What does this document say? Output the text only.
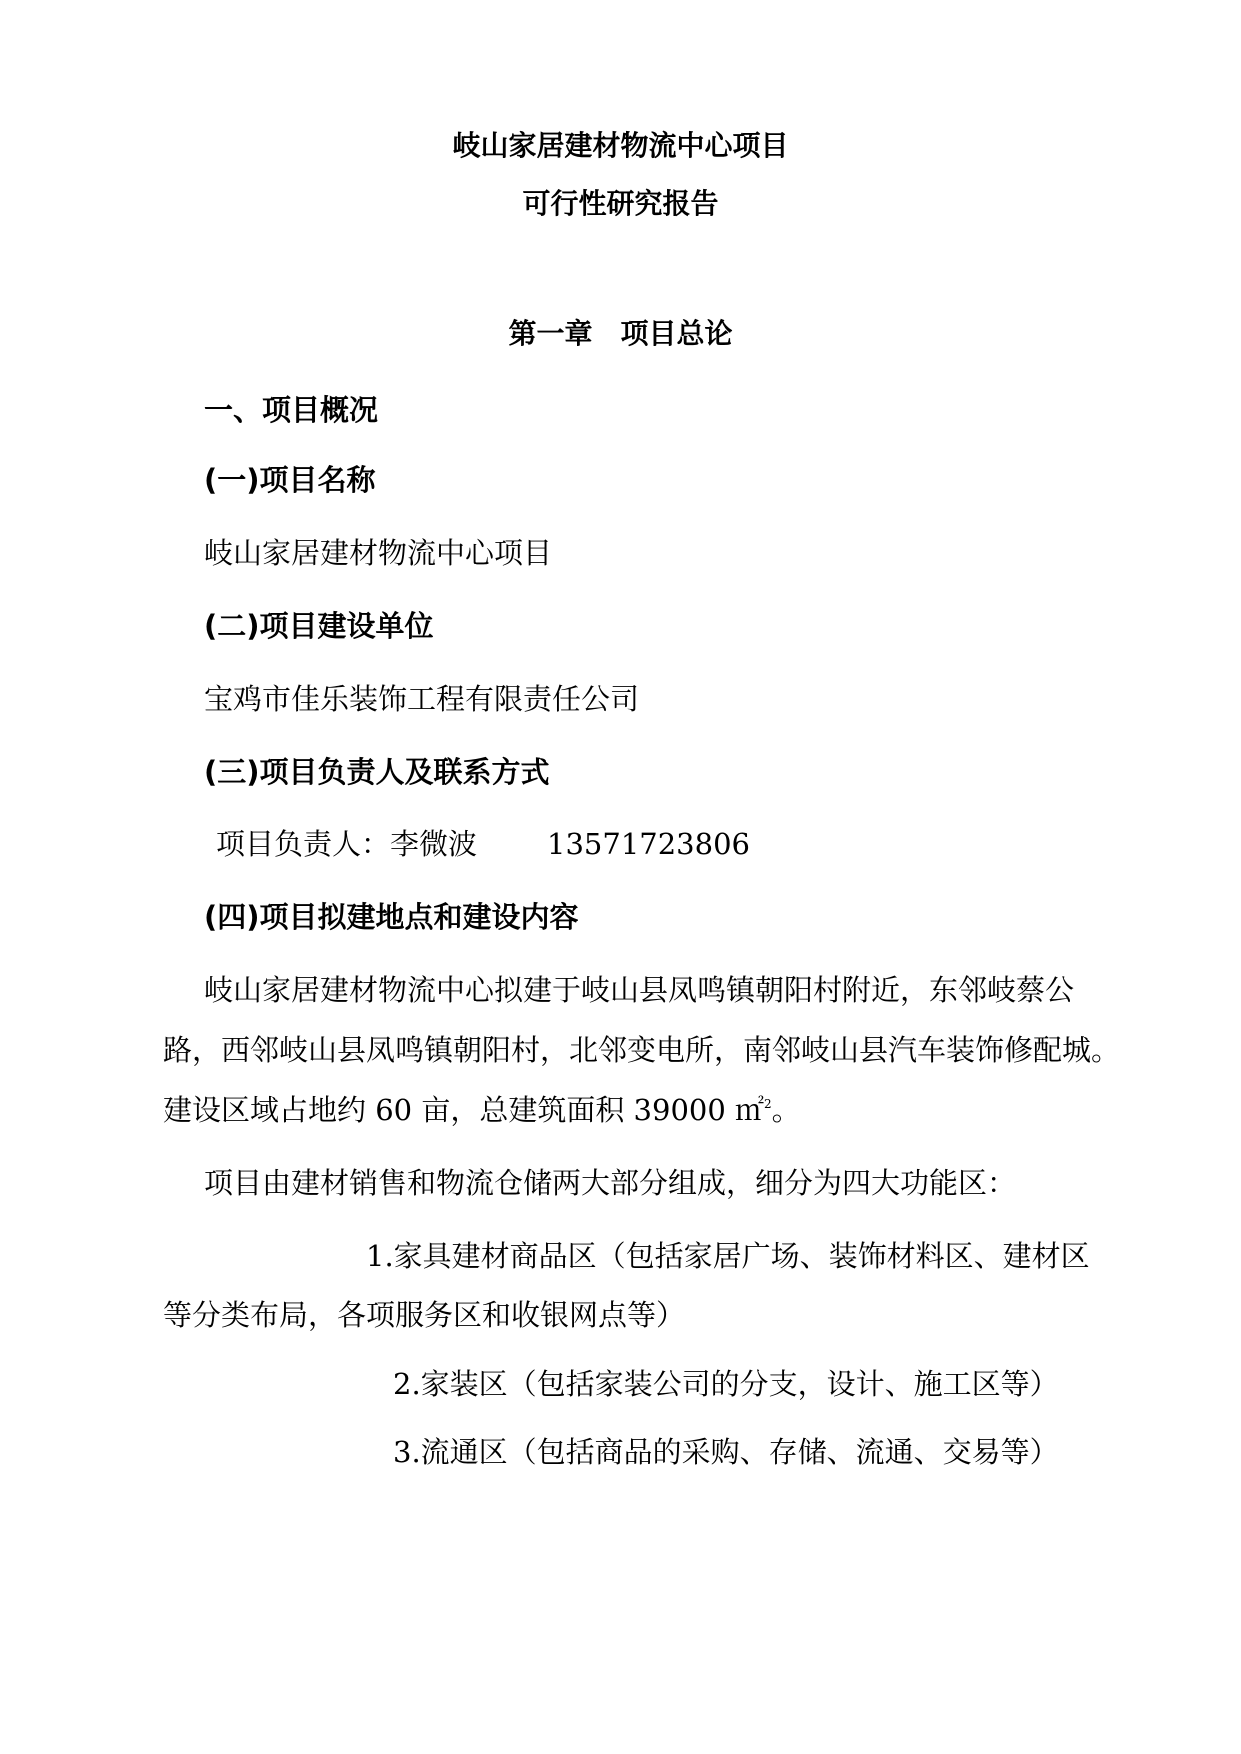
岐山家居建材物流中心项目
可行性研究报告
第一章　项目总论
一、项目概况
(一)项目名称
岐山家居建材物流中心项目
(二)项目建设单位
宝鸡市佳乐装饰工程有限责任公司
(三)项目负责人及联系方式
项目负责人：李微波 13571723806
(四)项目拟建地点和建设内容
岐山家居建材物流中心拟建于岐山县凤鸣镇朝阳村附近，东邻岐蔡公
路，西邻岐山县凤鸣镇朝阳村，北邻变电所，南邻岐山县汽车装饰修配城。
建设区域占地约 60 亩，总建筑面积 39000 ㎡$^2$。
项目由建材销售和物流仓储两大部分组成，细分为四大功能区：
1.家具建材商品区（包括家居广场、装饰材料区、建材区
等分类布局，各项服务区和收银网点等）
2.家装区（包括家装公司的分支，设计、施工区等）
3.流通区（包括商品的采购、存储、流通、交易等）
